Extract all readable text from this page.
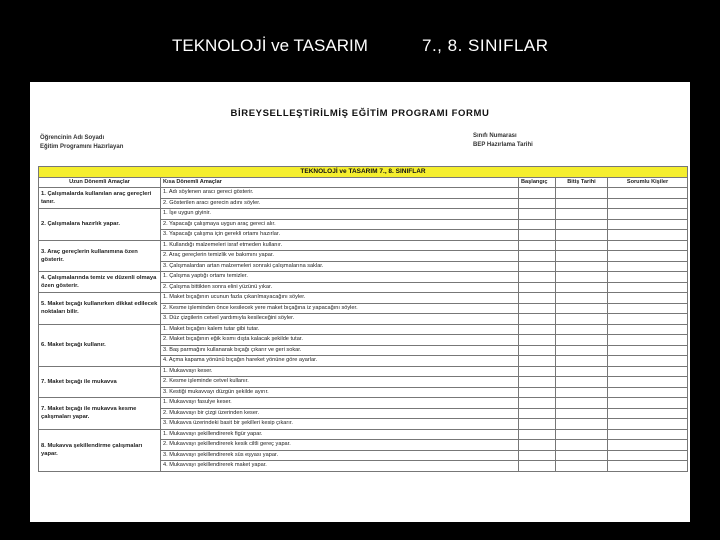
TEKNOLOJİ ve TASARIM	7., 8. SINIFLAR
BİREYSELLEŞTİRİLMİŞ EĞİTİM PROGRAMI FORMU
Öğrencinin Adı Soyadı
Eğitim Programını Hazırlayan
Sınıfı Numarası
BEP Hazırlama Tarihi
TEKNOLOJİ ve TASARIM 7., 8. SINIFLAR				
Uzun Dönemli Amaçlar	Kısa Dönemli Amaçlar	Başlangıç	Bitiş Tarihi	Sorumlu Kişiler
1. Çalışmalarda kullanılan araç gereçleri tanır.	1. Adı söylenen aracı gereci gösterir.			
	2. Gösterilen aracı gerecin adını söyler.			
2. Çalışmalara hazırlık yapar.	1. İşe uygun giyinir.			
	2. Yapacağı çalışmaya uygun araç gereci alır.			
	3. Yapacağı çalışma için gerekli ortamı hazırlar.			
3. Araç gereçlerin kullanımına özen gösterir.	1. Kullandığı malzemeleri israf etmeden kullanır.			
	2. Araç gereçlerin temizlik ve bakımını yapar.			
	3. Çalışmalardan artan malzemeleri sonraki çalışmalarına saklar.			
4. Çalışmalarında temiz ve düzenli olmaya özen gösterir.	1. Çalışma yaptığı ortamı temizler.			
	2. Çalışma bittikten sonra elini yüzünü yıkar.			
5. Maket bıçağı kullanırken dikkat edilecek noktaları bilir.	1. Maket bıçağının ucunun fazla çıkarılmayacağını söyler.			
	2. Kesme işleminden önce kesilecek yere maket bıçağına iz yapacağını söyler.			
	3. Düz çizgilerin cetvel yardımıyla kesileceğini söyler.			
6. Maket bıçağı kullanır.	1. Maket bıçağını kalem tutar gibi tutar.			
	2. Maket bıçağının eğik kısmı dışta kalacak şekilde tutar.			
	3. Baş parmağını kullanarak bıçağı çıkarır ve geri sokar.			
	4. Açma kapama yönünü bıçağın hareket yönüne göre ayarlar.			
7. Maket bıçağı ile mukavva	1. Mukavvayı keser.			
	2. Kesme işleminde cetvel kullanır.			
	3. Kestiği mukavvayı düzgün şekilde ayırır.			
7. Maket bıçağı ile mukavva kesme çalışmaları yapar.	1. Mukavvayı fasulye keser.			
	2. Mukavvayı bir çizgi üzerinden keser.			
	3. Mukavva üzerindeki basit bir şekilleri kesip çıkarır.			
8. Mukavva şekillendirme çalışmaları yapar.	1. Mukavvayı şekillendirerek figür yapar.			
	2. Mukavvayı şekillendirerek kesik ciltli gereç yapar.			
	3. Mukavvayı şekillendirerek süs eşyası yapar.			
	4. Mukavvayı şekillendirerek maket yapar.			
